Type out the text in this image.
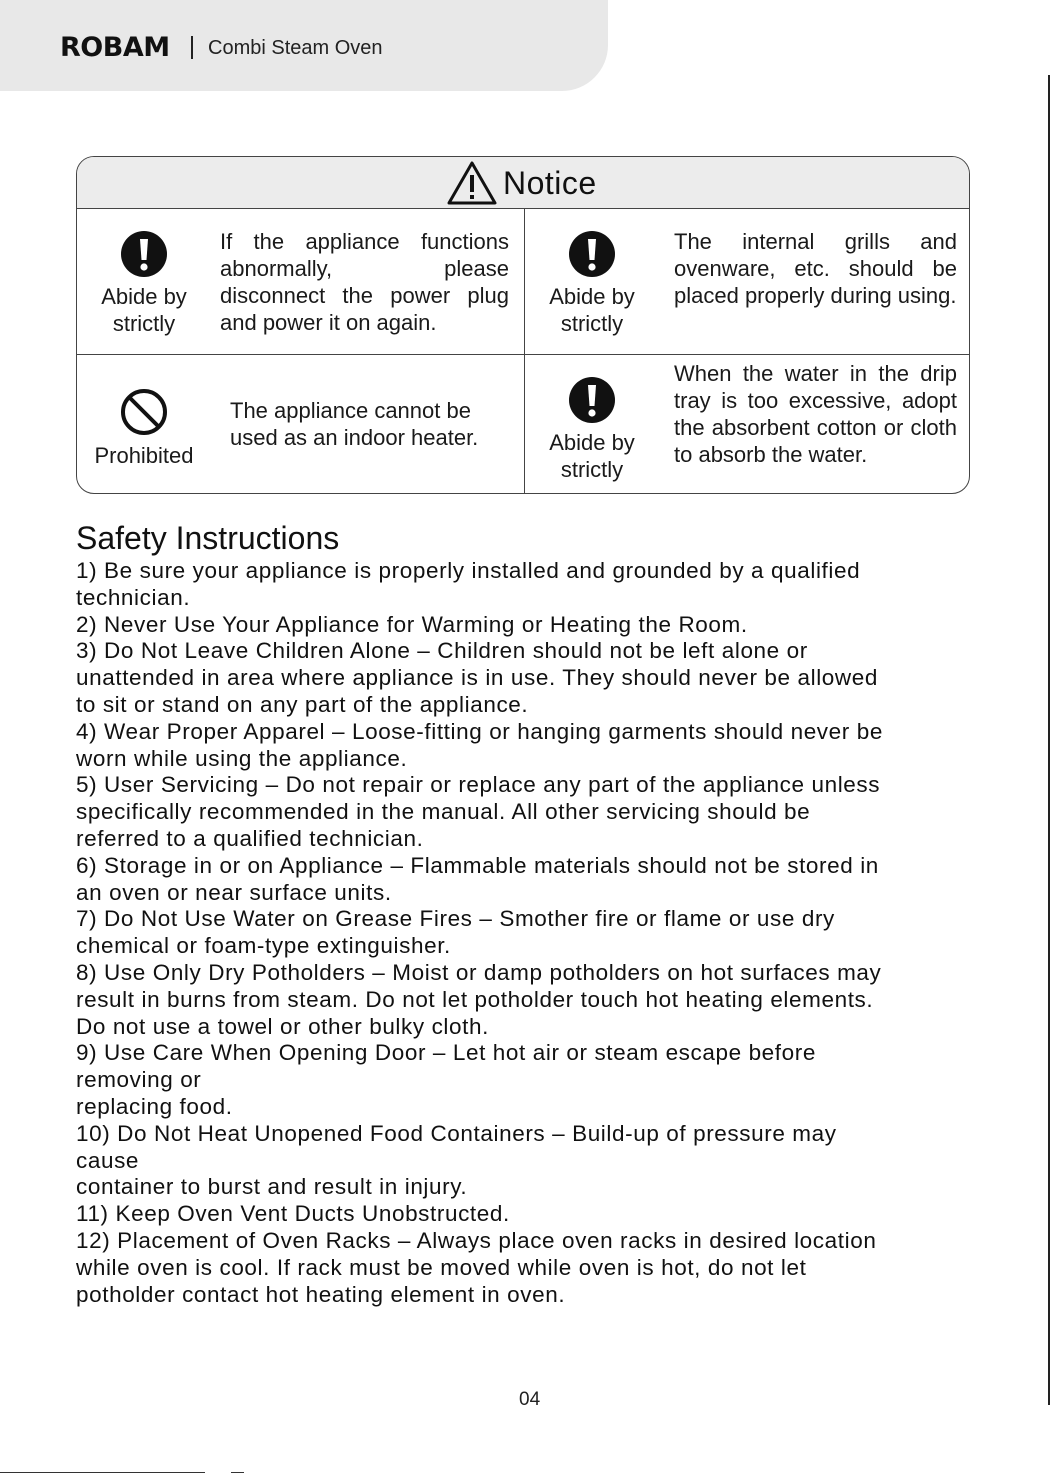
ROBAM Combi Steam Oven
Notice
Abide by
strictly
If the appliance functions abnormally, please disconnect the power plug and power it on again.
Abide by
strictly
The internal grills and ovenware, etc. should be placed properly during using.
Prohibited
The appliance cannot be used as an indoor heater.	Abide by
strictly
When the water in the drip tray is too excessive, adopt the absorbent cotton or cloth to absorb the water.
Safety Instructions

1) Be sure your appliance is properly installed and grounded by a qualified

technician.

2) Never Use Your Appliance for Warming or Heating the Room.

3) Do Not Leave Children Alone – Children should not be left alone or

unattended in area where appliance is in use. They should never be allowed

to sit or stand on any part of the appliance.

4) Wear Proper Apparel – Loose-fitting or hanging garments should never be

worn while using the appliance.

5) User Servicing – Do not repair or replace any part of the appliance unless

specifically recommended in the manual. All other servicing should be

referred to a qualified technician.

6) Storage in or on Appliance – Flammable materials should not be stored in

an oven or near surface units.

7) Do Not Use Water on Grease Fires – Smother fire or flame or use dry

chemical or foam-type extinguisher.

8) Use Only Dry Potholders – Moist or damp potholders on hot surfaces may

result in burns from steam. Do not let potholder touch hot heating elements.

Do not use a towel or other bulky cloth.

9) Use Care When Opening Door – Let hot air or steam escape before

removing or

replacing food.

10) Do Not Heat Unopened Food Containers – Build-up of pressure may

cause

container to burst and result in injury.

11) Keep Oven Vent Ducts Unobstructed.

12) Placement of Oven Racks – Always place oven racks in desired location

while oven is cool. If rack must be moved while oven is hot, do not let

potholder contact hot heating element in oven.

04
